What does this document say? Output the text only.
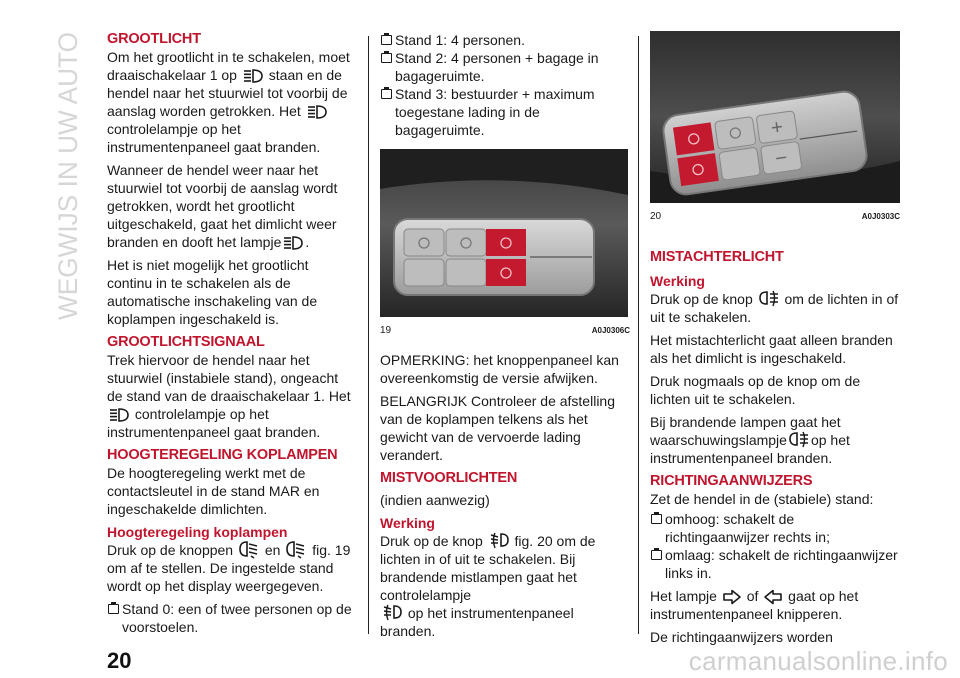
WEGWIJS IN UW AUTO GROOTLICHT

Om het grootlicht in te schakelen, moet draaischakelaar 1 op staan en de hendel naar het stuurwiel tot voorbij de aanslag worden getrokken. Het  controlelampje op het instrumentenpaneel gaat branden.

Wanneer de hendel weer naar het stuurwiel tot voorbij de aanslag wordt getrokken, wordt het grootlicht uitgeschakeld, gaat het dimlicht weer branden en dooft het lampje .

Het is niet mogelijk het grootlicht continu in te schakelen als de automatische inschakeling van de koplampen ingeschakeld is.

GROOTLICHTSIGNAAL

Trek hiervoor de hendel naar het stuurwiel (instabiele stand), ongeacht de stand van de draaischakelaar 1. Het  controlelampje op het instrumentenpaneel gaat branden.

HOOGTEREGELING KOPLAMPEN

De hoogteregeling werkt met de contactsleutel in de stand MAR en ingeschakelde dimlichten.

Hoogteregeling koplampen

Druk op de knoppen en fig. 19 om af te stellen. De ingestelde stand wordt op het display weergegeven.

Stand 0: een of twee personen op de voorstoelen.
Stand 1: 4 personen.
Stand 2: 4 personen + bagage in bagageruimte.
Stand 3: bestuurder + maximum toegestane lading in de bagageruimte.
19	A0J0306C

OPMERKING: het knoppenpaneel kan overeenkomstig de versie afwijken.

BELANGRIJK Controleer de afstelling van de koplampen telkens als het gewicht van de vervoerde lading verandert.

MISTVOORLICHTEN

(indien aanwezig)

Werking

Druk op de knop fig. 20 om de lichten in of uit te schakelen. Bij brandende mistlampen gaat het controlelampje
op het instrumentenpaneel branden.

20	A0J0303C
MISTACHTERLICHT
Werking

Druk op de knop om de lichten in of uit te schakelen.

Het mistachterlicht gaat alleen branden als het dimlicht is ingeschakeld.

Druk nogmaals op de knop om de lichten uit te schakelen.

Bij brandende lampen gaat het waarschuwingslampje op het instrumentenpaneel branden.

RICHTINGAANWIJZERS

Zet de hendel in de (stabiele) stand:

omhoog: schakelt de richtingaanwijzer rechts in;
omlaag: schakelt de richtingaanwijzer links in.

Het lampje of gaat op het instrumentenpaneel knipperen.

De richtingaanwijzers worden

20	carmanualsonline.info
